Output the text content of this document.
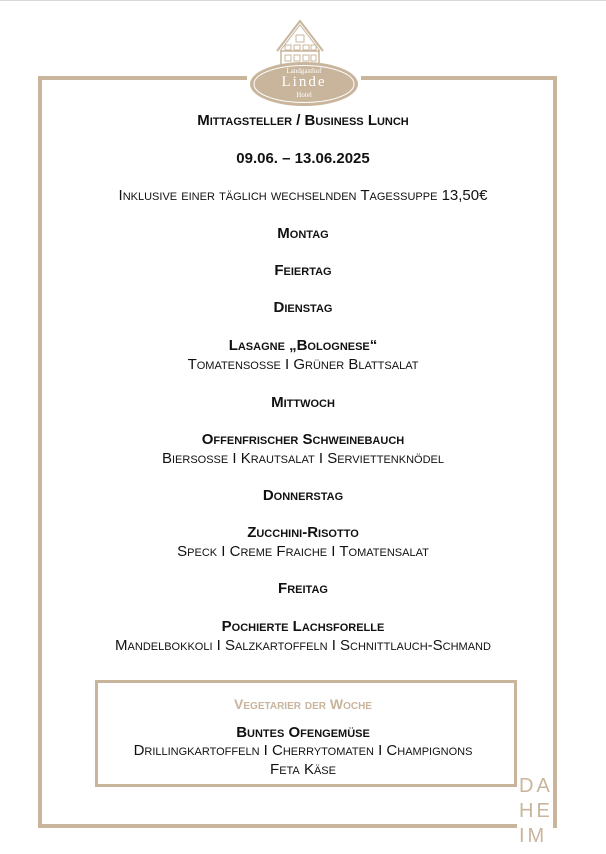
Landgasthof
Linde
Hotel
Mittagsteller / Business Lunch
09.06. – 13.06.2025
Inklusive einer täglich wechselnden Tagessuppe 13,50€
Montag
Feiertag
Dienstag
Lasagne „Bolognese“
Tomatensoße I Grüner Blattsalat
Mittwoch
Offenfrischer Schweinebauch
Biersoße I Krautsalat I Serviettenknödel
Donnerstag
Zucchini-Risotto
Speck I Creme Fraiche I Tomatensalat
Freitag
Pochierte Lachsforelle
Mandelbokkoli I Salzkartoffeln I Schnittlauch-Schmand
Vegetarier der Woche
Buntes Ofengemüse
Drillingkartoffeln I Cherrytomaten I Champignons
Feta Käse
DA
HE
IM
